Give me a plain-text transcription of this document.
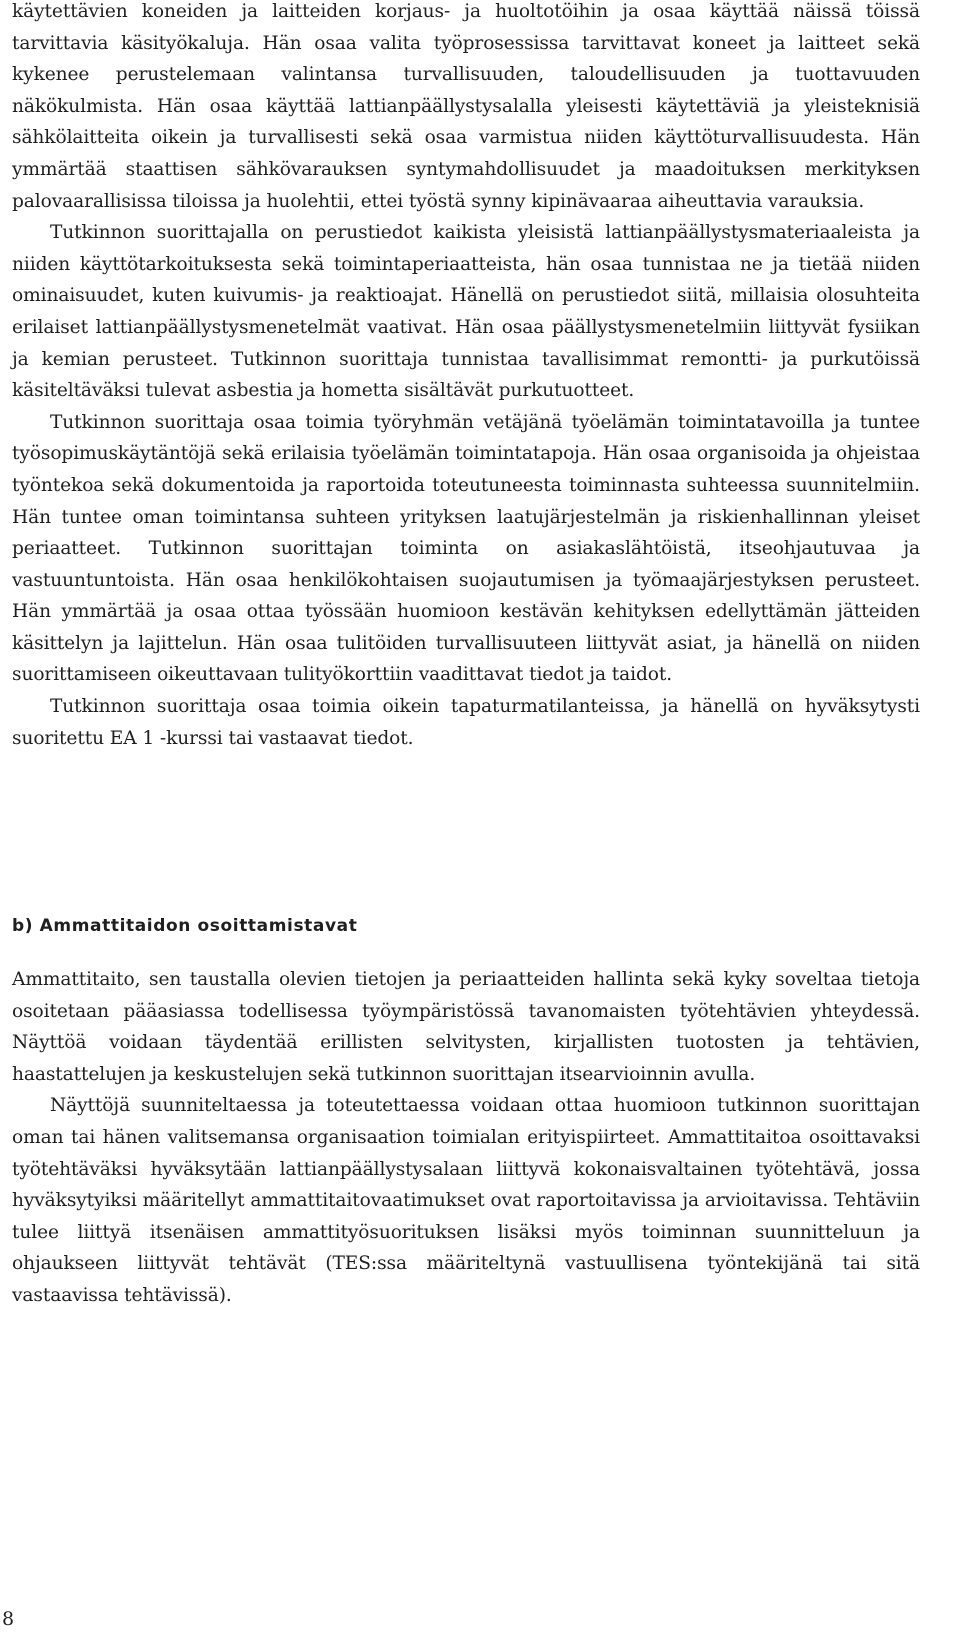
käytettävien koneiden ja laitteiden korjaus- ja huoltotöihin ja osaa käyttää näissä töissä tarvittavia käsityökaluja. Hän osaa valita työprosessissa tarvittavat koneet ja laitteet sekä kykenee perustelemaan valintansa turvallisuuden, taloudellisuuden ja tuottavuuden näkökulmista. Hän osaa käyttää lattianpäällystysalalla yleisesti käytettäviä ja yleisteknisiä sähkölaitteita oikein ja turvallisesti sekä osaa varmistua niiden käyttöturvallisuudesta. Hän ymmärtää staattisen sähkövarauksen syntymahdollisuudet ja maadoituksen merkityksen palovaarallisissa tiloissa ja huolehtii, ettei työstä synny kipinävaaraa aiheuttavia varauksia.

Tutkinnon suorittajalla on perustiedot kaikista yleisistä lattianpäällystysmateriaaleista ja niiden käyttötarkoituksesta sekä toimintaperiaatteista, hän osaa tunnistaa ne ja tietää niiden ominaisuudet, kuten kuivumis- ja reaktioajat. Hänellä on perustiedot siitä, millaisia olosuhteita erilaiset lattianpäällystysmenetelmät vaativat. Hän osaa päällystysmenetelmiin liittyvät fysiikan ja kemian perusteet. Tutkinnon suorittaja tunnistaa tavallisimmat remontti- ja purkutöissä käsiteltäväksi tulevat asbestia ja hometta sisältävät purkutuotteet.

Tutkinnon suorittaja osaa toimia työryhmän vetäjänä työelämän toimintatavoilla ja tuntee työsopimuskäytäntöjä sekä erilaisia työelämän toimintatapoja. Hän osaa organisoida ja ohjeistaa työntekoa sekä dokumentoida ja raportoida toteutuneesta toiminnasta suhteessa suunnitelmiin. Hän tuntee oman toimintansa suhteen yrityksen laatujärjestelmän ja riskienhallinnan yleiset periaatteet. Tutkinnon suorittajan toiminta on asiakaslähtöistä, itseohjautuvaa ja vastuuntuntoista. Hän osaa henkilökohtaisen suojautumisen ja työmaajärjestyksen perusteet. Hän ymmärtää ja osaa ottaa työssään huomioon kestävän kehityksen edellyttämän jätteiden käsittelyn ja lajittelun. Hän osaa tulitöiden turvallisuuteen liittyvät asiat, ja hänellä on niiden suorittamiseen oikeuttavaan tulityökorttiin vaadittavat tiedot ja taidot.

Tutkinnon suorittaja osaa toimia oikein tapaturmatilanteissa, ja hänellä on hyväksytysti suoritettu EA 1 -kurssi tai vastaavat tiedot.

b) Ammattitaidon osoittamistavat

Ammattitaito, sen taustalla olevien tietojen ja periaatteiden hallinta sekä kyky soveltaa tietoja osoitetaan pääasiassa todellisessa työympäristössä tavanomaisten työtehtävien yhteydessä. Näyttöä voidaan täydentää erillisten selvitysten, kirjallisten tuotosten ja tehtävien, haastattelujen ja keskustelujen sekä tutkinnon suorittajan itsearvioinnin avulla.

Näyttöjä suunniteltaessa ja toteutettaessa voidaan ottaa huomioon tutkinnon suorittajan oman tai hänen valitsemansa organisaation toimialan erityispiirteet. Ammattitaitoa osoittavaksi työtehtäväksi hyväksytään lattianpäällystysalaan liittyvä kokonaisvaltainen työtehtävä, jossa hyväksytyiksi määritellyt ammattitaitovaatimukset ovat raportoitavissa ja arvioitavissa. Tehtäviin tulee liittyä itsenäisen ammattityösuorituksen lisäksi myös toiminnan suunnitteluun ja ohjaukseen liittyvät tehtävät (TES:ssa määriteltynä vastuullisena työntekijänä tai sitä vastaavissa tehtävissä).

8
